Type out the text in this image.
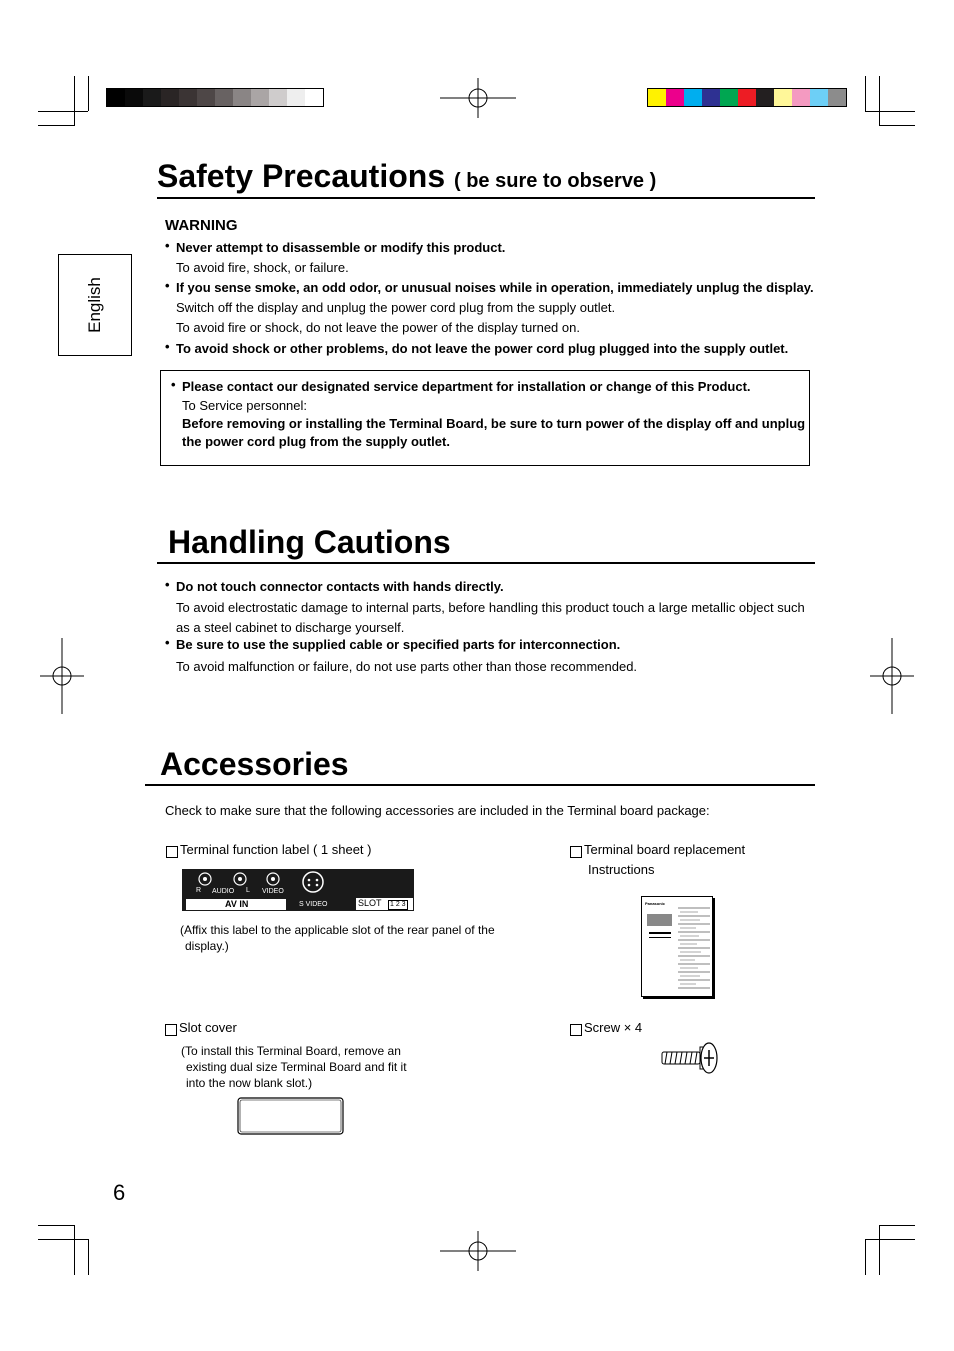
English
Safety Precautions ( be sure to observe )
WARNING
• Never attempt to disassemble or modify this product.
To avoid fire, shock, or failure.
• If you sense smoke, an odd odor, or unusual noises while in operation, immediately unplug the display.
Switch off the display and unplug the power cord plug from the supply outlet.
To avoid fire or shock, do not leave the power of the display turned on.
• To avoid shock or other problems, do not leave the power cord plug plugged into the supply outlet.
• Please contact our designated service department for installation or change of this Product.
To Service personnel:
Before removing or installing the Terminal Board, be sure to turn power of the display off and unplug
the power cord plug from the supply outlet.
Handling Cautions
• Do not touch connector contacts with hands directly.
To avoid electrostatic damage to internal parts, before handling this product touch a large metallic object such
as a steel cabinet to discharge yourself.
• Be sure to use the supplied cable or specified parts for interconnection.
To avoid malfunction or failure, do not use parts other than those recommended.
Accessories
Check to make sure that the following accessories are included in the Terminal board package:
Terminal function label ( 1 sheet )
R AUDIO L VIDEO
AV IN	S VIDEO	SLOT 1 2 3
(Affix this label to the applicable slot of the rear panel of the
display.)
Terminal board replacement
Instructions
Panasonic
Slot cover
(To install this Terminal Board, remove an
existing dual size Terminal Board and fit it
into the now blank slot.)
Screw × 4
6
